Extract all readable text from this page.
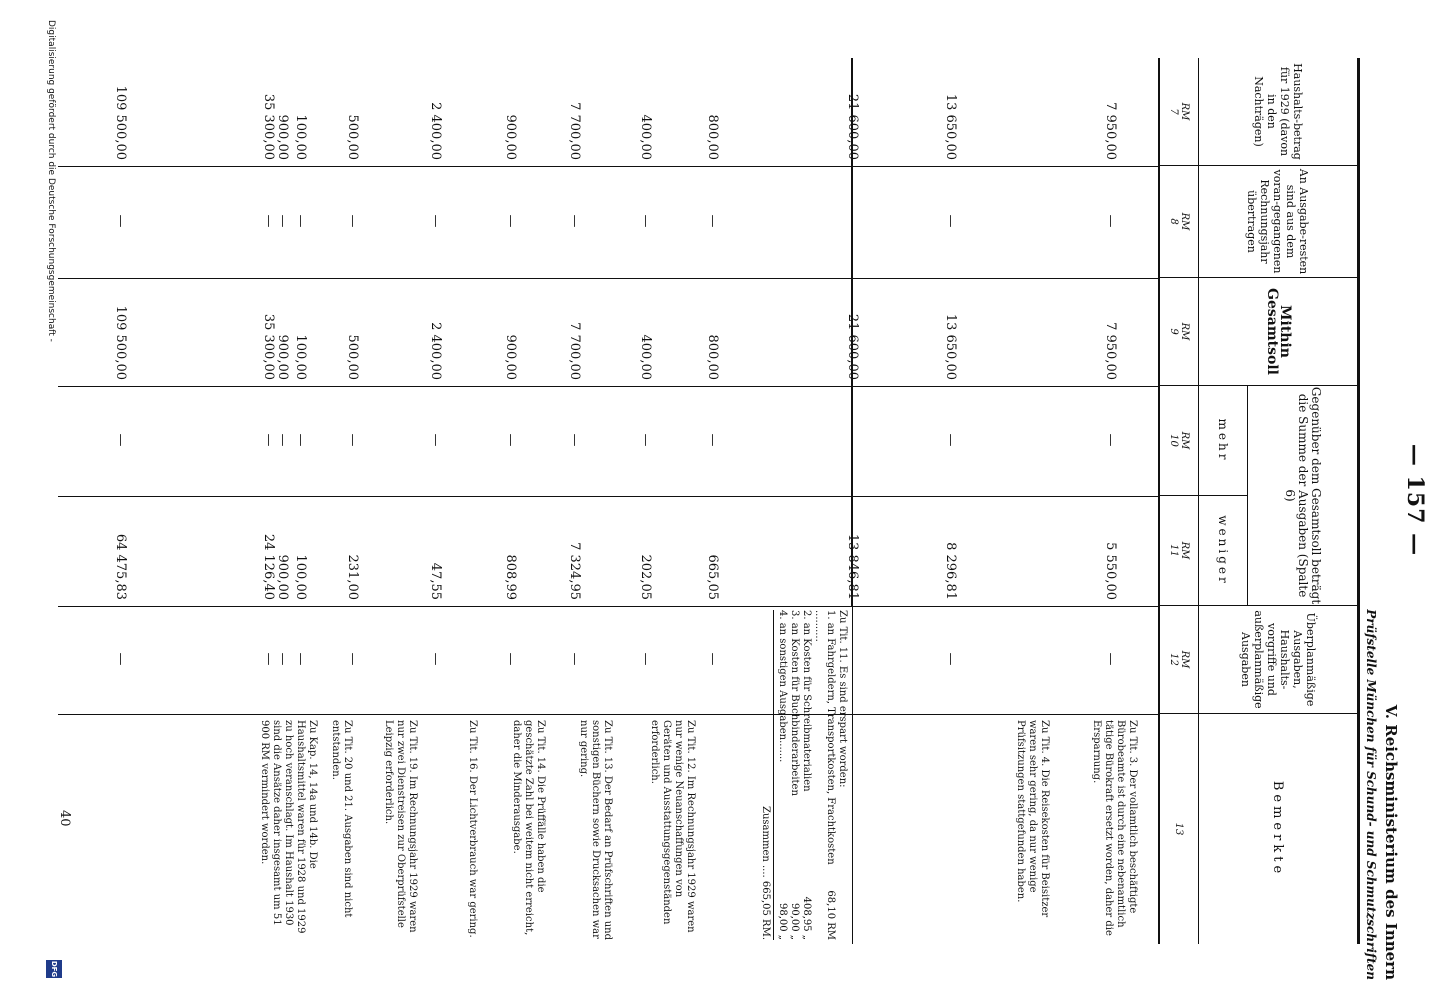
— 157 —
V. Reichsministerium des Innern
Prüfstelle München für Schund- und Schmutzschriften
Haushalts-betrag für 1929 (davon in den Nachträgen)
An Ausgabe-resten sind aus dem voran-gegangenen Rechnungsjahr übertragen
Mithin Gesamtsoll
Gegenüber dem Gesamtsoll beträgt die Summe der Ausgaben (Spalte 6)
mehr
weniger
Überplanmäßige Ausgaben, Haushalts-vorgriffe und außerplanmäßige Ausgaben
Bemerkte
RM
7
RM
8
RM
9
RM
10
RM
11
RM
12
13
Zu Tit. 3. Der vollamtlich beschäftigte Bürobeamte ist durch eine nebenamtlich tätige Bürokraft ersetzt worden, daher die Ersparnung.
Zu Tit. 4. Die Reisekosten für Beisitzer waren sehr gering, da nur wenige Prüfsitzungen stattgefunden haben.
Zu Tit. 11. Es sind erspart worden:
1. an Fahrgeldern, Transportkosten, Frachtkosten ..........
68,10 RM
2. an Kosten für Schreibmaterialien
408,95 „
3. an Kosten für Buchbinderarbeiten
90,00 „
4. an sonstigen Ausgaben.......
98,00 „
Zusammen .... 665,05 RM.
Zu Tit. 12. Im Rechnungsjahr 1929 waren nur wenige Neuanschaffungen von Geräten und Ausstattungsgegenständen erforderlich.
Zu Tit. 13. Der Bedarf an Prüfschriften und sonstigen Büchern sowie Drucksachen war nur gering.
Zu Tit. 14. Die Prüffälle haben die geschätzte Zahl bei weitem nicht erreicht, daher die Minderausgabe.
Zu Tit. 16. Der Lichtverbrauch war gering.
Zu Tit. 19. Im Rechnungsjahr 1929 waren nur zwei Dienstreisen zur Oberprüfstelle Leipzig erforderlich.
Zu Tit. 20 und 21. Ausgaben sind nicht entstanden.
Zu Kap. 14, 14a und 14b. Die Haushaltsmittel waren für 1928 und 1929 zu hoch veranschlagt. Im Haushalt 1930 sind die Ansätze daher insgesamt um 51 900 RM vermindert worden.
7 950,00
—
7 950,00
—
5 550,00
—
13 650,00
—
13 650,00
—
8 296,81
—
21 600,00
—
21 600,00
—
13 846,81
—
800,00
—
800,00
—
665,05
—
400,00
—
400,00
—
202,05
—
7 700,00
—
7 700,00
—
7 324,95
—
900,00
—
900,00
—
808,99
—
2 400,00
—
2 400,00
—
47,55
—
500,00
—
500,00
—
231,00
—
100,00
—
100,00
—
100,00
—
900,00
—
900,00
—
900,00
—
35 300,00
—
35 300,00
—
24 126,40
—
109 500,00
—
109 500,00
—
64 475,83
—
40
Digitalisierung gefördert durch die Deutsche Forschungsgemeinschaft -
DFG
